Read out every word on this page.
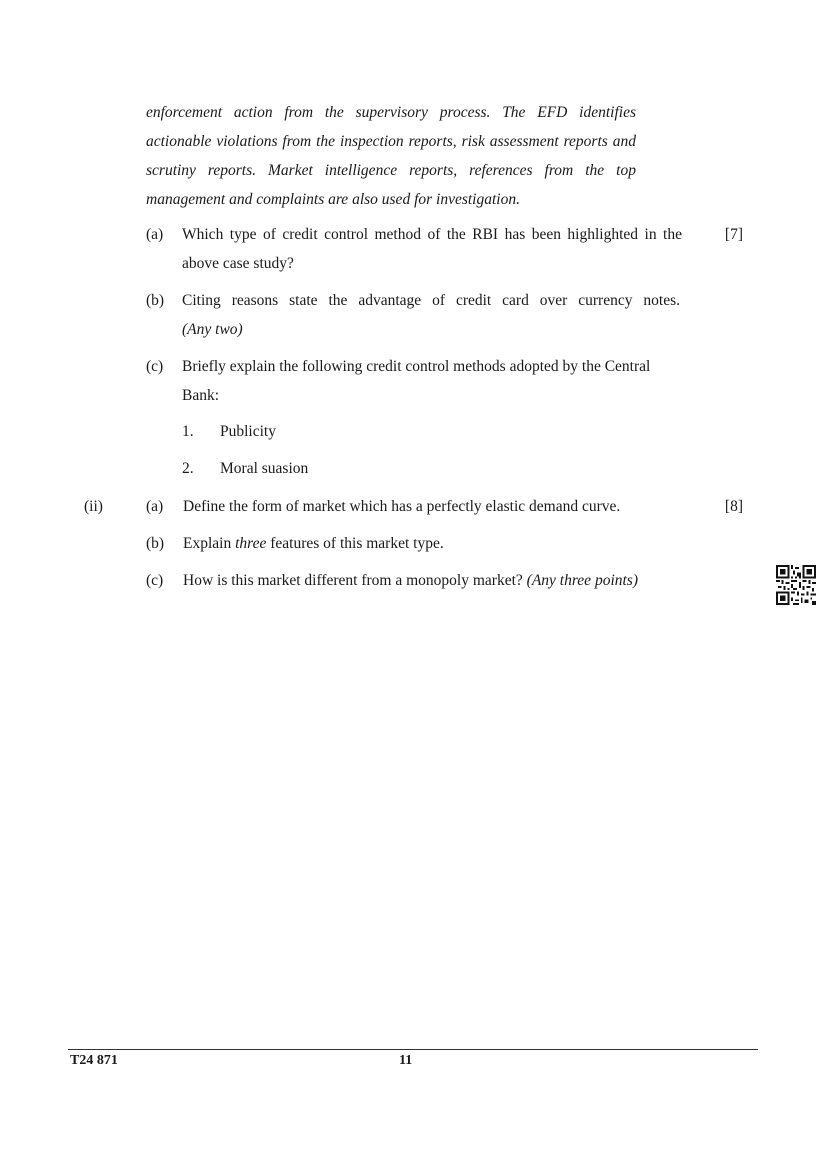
enforcement action from the supervisory process. The EFD identifies actionable violations from the inspection reports, risk assessment reports and scrutiny reports. Market intelligence reports, references from the top management and complaints are also used for investigation.

(a) Which type of credit control method of the RBI has been highlighted in the above case study?

[7]
(b) Citing reasons state the advantage of credit card over currency notes.
(Any two)
(c) Briefly explain the following credit control methods adopted by the Central Bank:

1. Publicity
2. Moral suasion
(ii)	(a) Define the form of market which has a perfectly elastic demand curve.	[8]
(b) Explain three features of this market type.
(c) How is this market different from a monopoly market? (Any three points)
T24 871	11
